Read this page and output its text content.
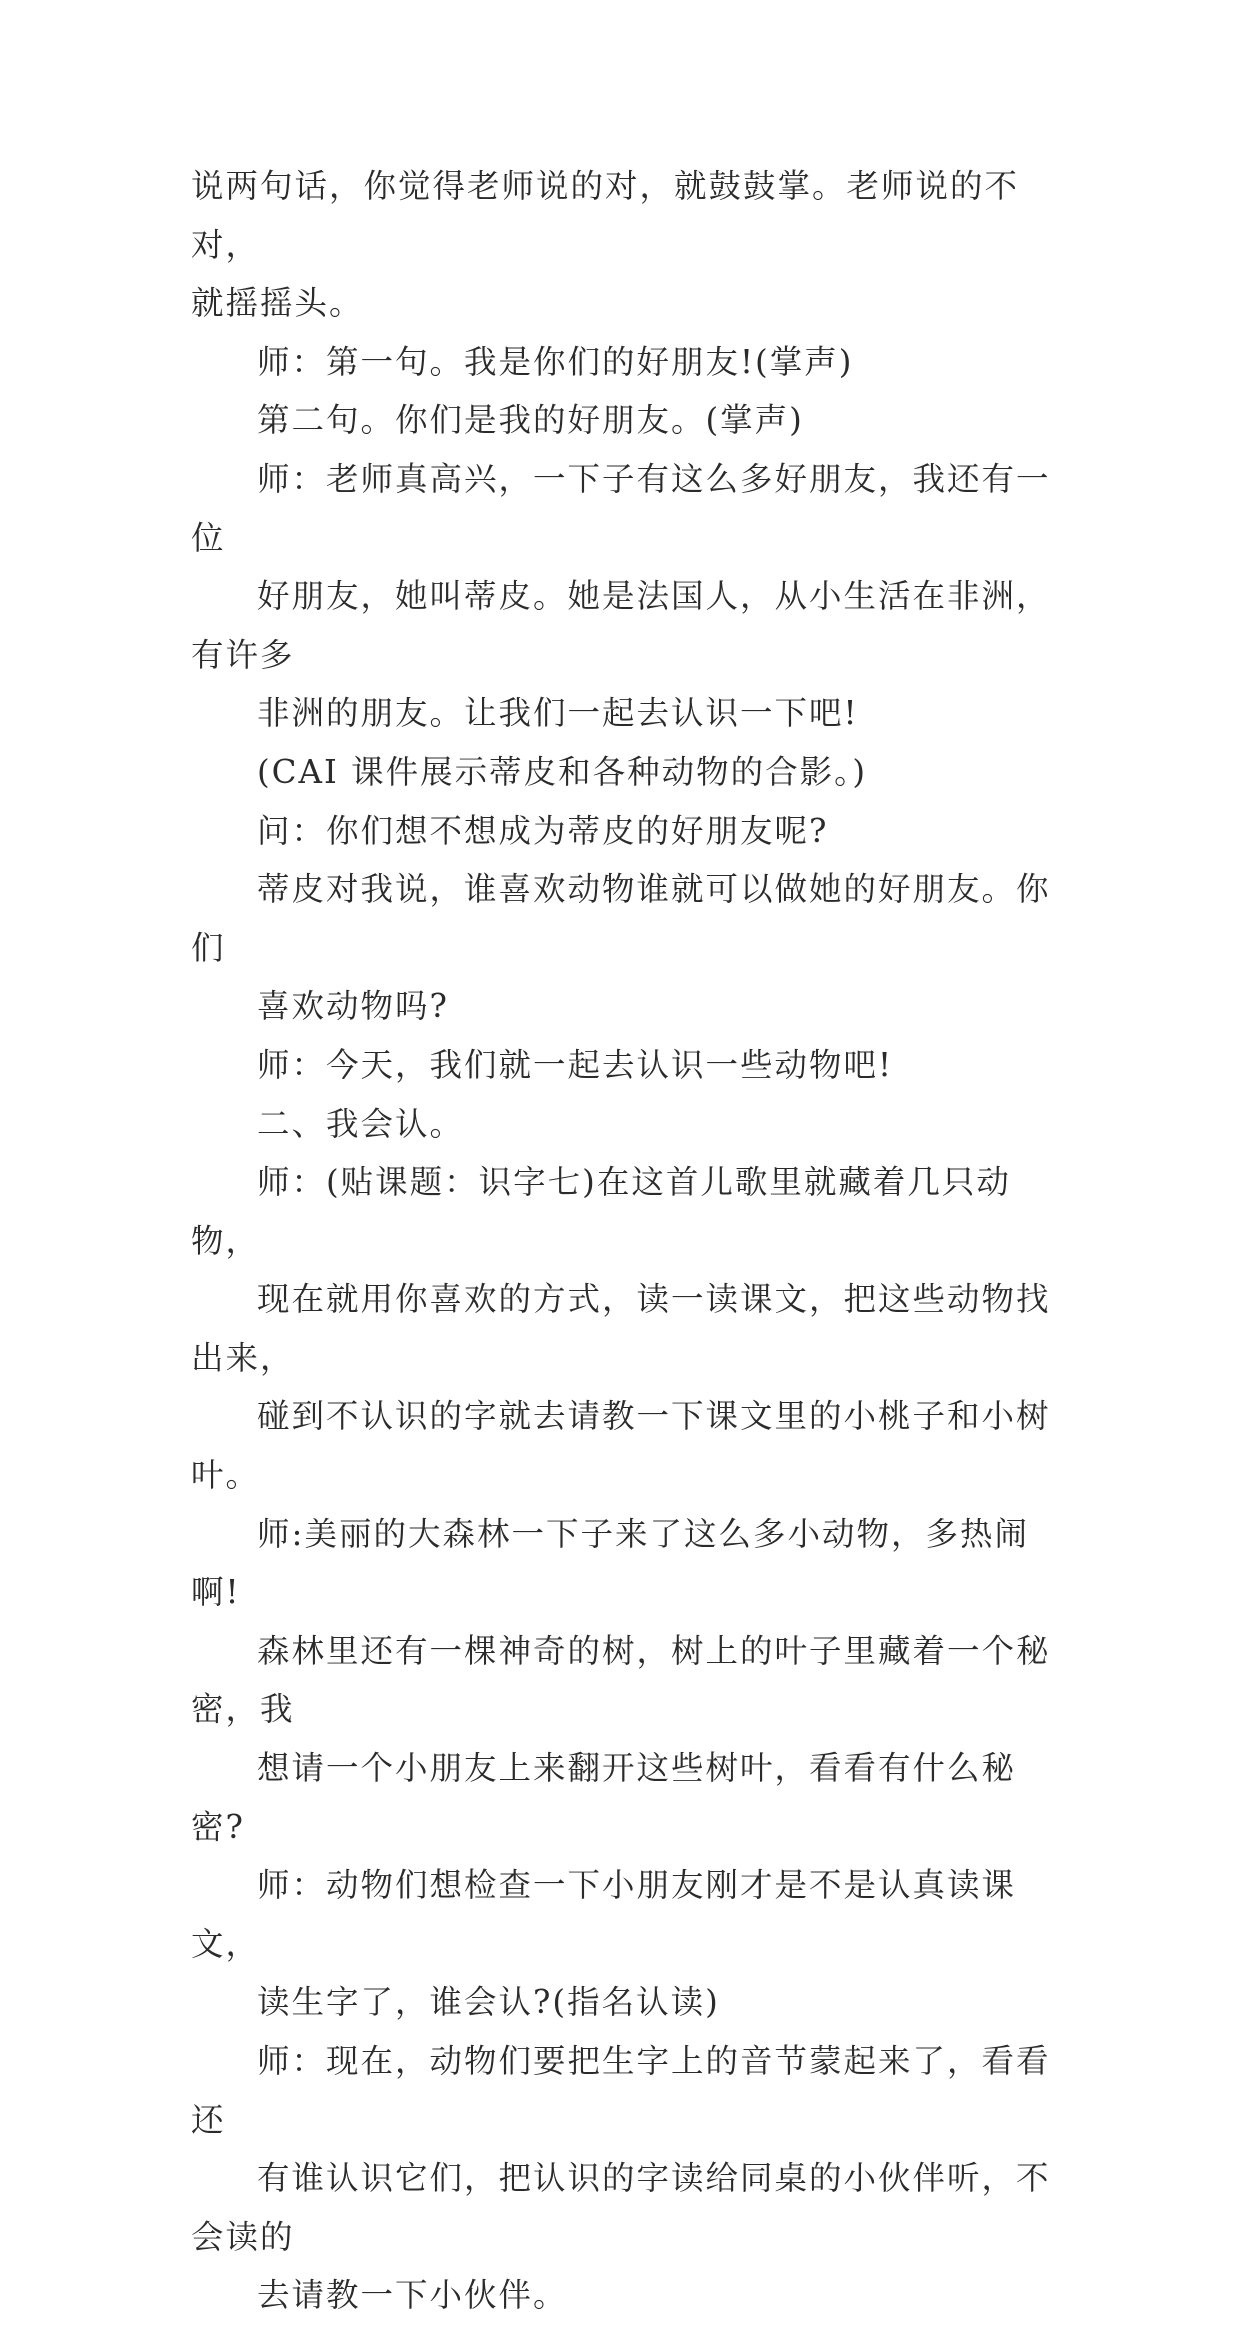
说两句话，你觉得老师说的对，就鼓鼓掌。老师说的不对，
就摇摇头。
师：第一句。我是你们的好朋友!(掌声)
第二句。你们是我的好朋友。(掌声)
师：老师真高兴，一下子有这么多好朋友，我还有一位
好朋友，她叫蒂皮。她是法国人，从小生活在非洲，有许多
非洲的朋友。让我们一起去认识一下吧!
(CAI 课件展示蒂皮和各种动物的合影。)
问：你们想不想成为蒂皮的好朋友呢?
蒂皮对我说，谁喜欢动物谁就可以做她的好朋友。你们
喜欢动物吗?
师：今天，我们就一起去认识一些动物吧!
二、我会认。
师：(贴课题：识字七)在这首儿歌里就藏着几只动物，
现在就用你喜欢的方式，读一读课文，把这些动物找出来，
碰到不认识的字就去请教一下课文里的小桃子和小树叶。
师:美丽的大森林一下子来了这么多小动物，多热闹啊!
森林里还有一棵神奇的树，树上的叶子里藏着一个秘密，我
想请一个小朋友上来翻开这些树叶，看看有什么秘密?
师：动物们想检查一下小朋友刚才是不是认真读课文，
读生字了，谁会认?(指名认读)
师：现在，动物们要把生字上的音节蒙起来了，看看还
有谁认识它们，把认识的字读给同桌的小伙伴听，不会读的
去请教一下小伙伴。
